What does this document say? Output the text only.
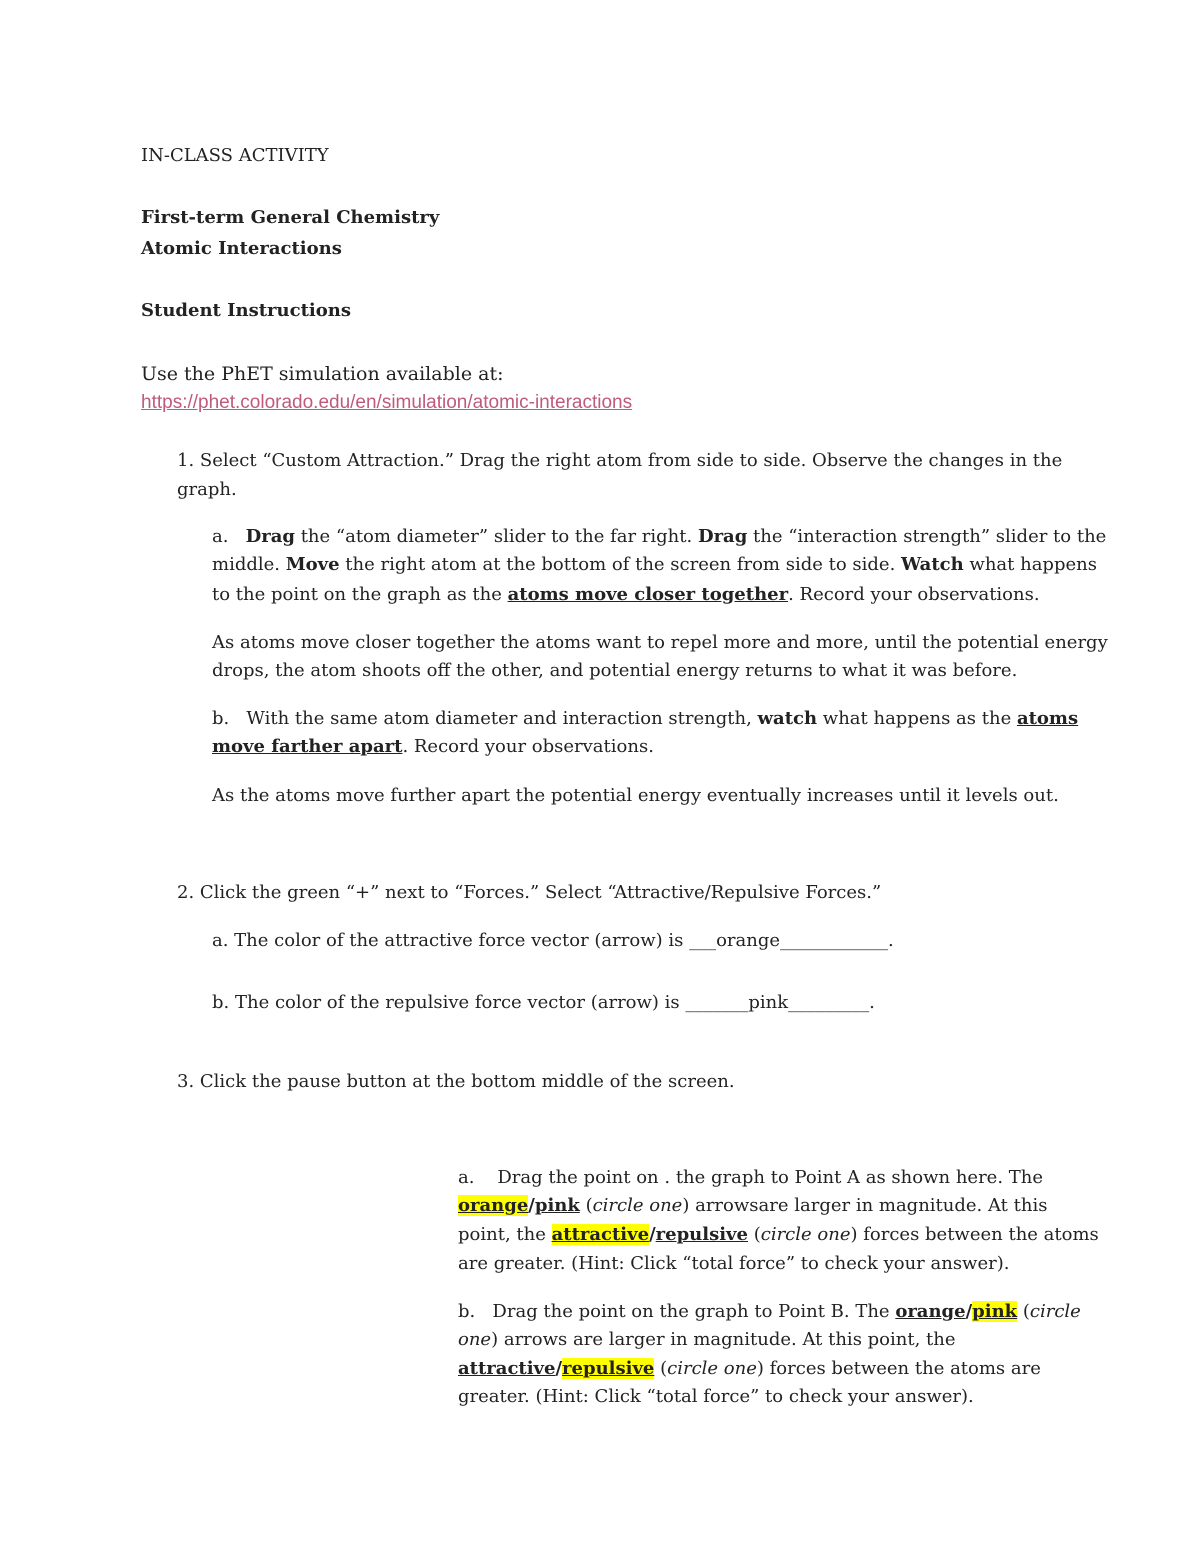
IN-CLASS ACTIVITY
First-term General Chemistry
Atomic Interactions
Student Instructions
Use the PhET simulation available at:
https://phet.colorado.edu/en/simulation/atomic-interactions
1. Select “Custom Attraction.” Drag the right atom from side to side. Observe the changes in the
graph.
a. Drag the “atom diameter” slider to the far right. Drag the “interaction strength” slider to the
middle. Move the right atom at the bottom of the screen from side to side. Watch what happens
to the point on the graph as the atoms move closer together. Record your observations.
As atoms move closer together the atoms want to repel more and more, until the potential energy
drops, the atom shoots off the other, and potential energy returns to what it was before.
b. With the same atom diameter and interaction strength, watch what happens as the atoms
move farther apart. Record your observations.
As the atoms move further apart the potential energy eventually increases until it levels out.
2. Click the green “+” next to “Forces.” Select “Attractive/Repulsive Forces.”
a. The color of the attractive force vector (arrow) is ___orange____________.
b. The color of the repulsive force vector (arrow) is _______pink_________.
3. Click the pause button at the bottom middle of the screen.
a. Drag the point on . the graph to Point A as shown here. The
orange/pink (circle one) arrowsare larger in magnitude. At this
point, the attractive/repulsive (circle one) forces between the atoms
are greater. (Hint: Click “total force” to check your answer).
b. Drag the point on the graph to Point B. The orange/pink (circle
one) arrows are larger in magnitude. At this point, the
attractive/repulsive (circle one) forces between the atoms are
greater. (Hint: Click “total force” to check your answer).
